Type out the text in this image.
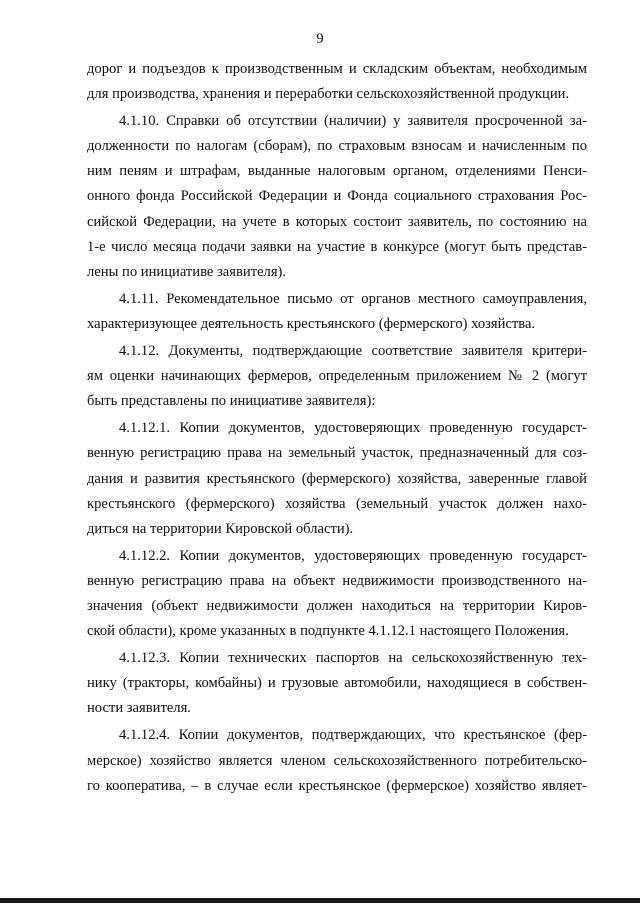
9

дорог и подъездов к производственным и складским объектам, необходимым
для производства, хранения и переработки сельскохозяйственной продукции.

4.1.10. Справки об отсутствии (наличии) у заявителя просроченной за-
долженности по налогам (сборам), по страховым взносам и начисленным по
ним пеням и штрафам, выданные налоговым органом, отделениями Пенси-
онного фонда Российской Федерации и Фонда социального страхования Рос-
сийской Федерации, на учете в которых состоит заявитель, по состоянию на
1-е число месяца подачи заявки на участие в конкурсе (могут быть представ-
лены по инициативе заявителя).

4.1.11. Рекомендательное письмо от органов местного самоуправления,
характеризующее деятельность крестьянского (фермерского) хозяйства.

4.1.12. Документы, подтверждающие соответствие заявителя критери-
ям оценки начинающих фермеров, определенным приложением № 2 (могут
быть представлены по инициативе заявителя):

4.1.12.1. Копии документов, удостоверяющих проведенную государст-
венную регистрацию права на земельный участок, предназначенный для соз-
дания и развития крестьянского (фермерского) хозяйства, заверенные главой
крестьянского (фермерского) хозяйства (земельный участок должен нахо-
диться на территории Кировской области).

4.1.12.2. Копии документов, удостоверяющих проведенную государст-
венную регистрацию права на объект недвижимости производственного на-
значения (объект недвижимости должен находиться на территории Киров-
ской области), кроме указанных в подпункте 4.1.12.1 настоящего Положения.

4.1.12.3. Копии технических паспортов на сельскохозяйственную тех-
нику (тракторы, комбайны) и грузовые автомобили, находящиеся в собствен-
ности заявителя.

4.1.12.4. Копии документов, подтверждающих, что крестьянское (фер-
мерское) хозяйство является членом сельскохозяйственного потребительско-
го кооператива, – в случае если крестьянское (фермерское) хозяйство являет-
